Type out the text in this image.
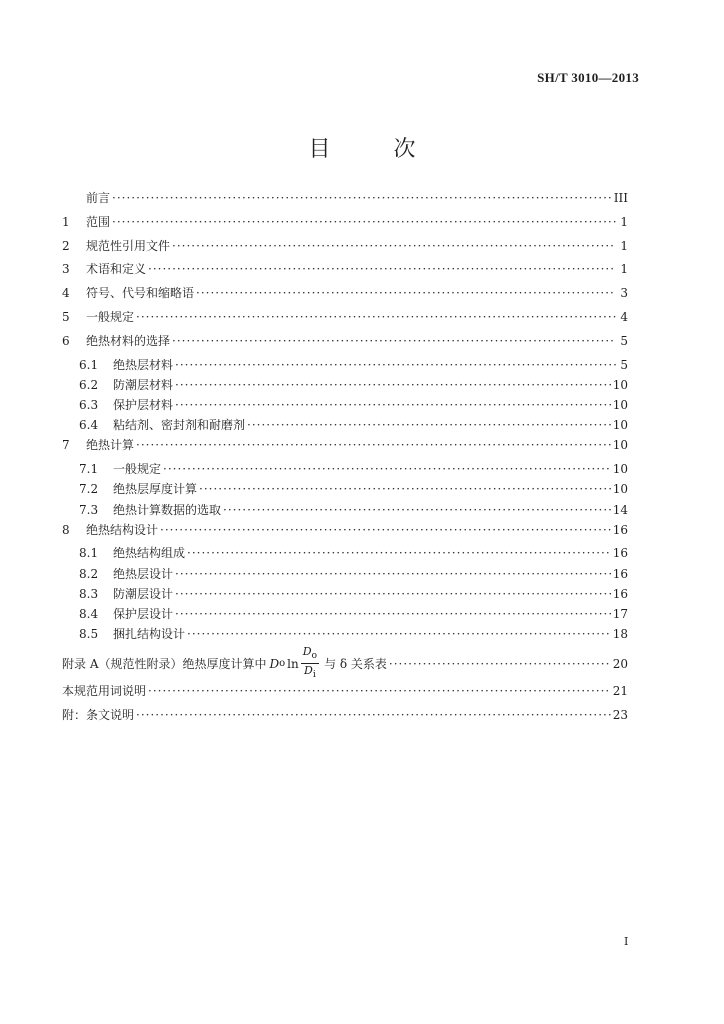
SH/T 3010—2013
目 次
前言 ·····	III
1	范围 ·····	1
2	规范性引用文件 ·····	1
3	术语和定义 ·····	1
4	符号、代号和缩略语 ·····	3
5	一般规定 ·····	4
6	绝热材料的选择 ·····	5
6.1	绝热层材料 ·····	5
6.2	防潮层材料 ·····	10
6.3	保护层材料 ·····	10
6.4	粘结剂、密封剂和耐磨剂 ·····	10
7	绝热计算 ·····	10
7.1	一般规定 ·····	10
7.2	绝热层厚度计算 ·····	10
7.3	绝热计算数据的选取 ·····	14
8	绝热结构设计 ·····	16
8.1	绝热结构组成 ·····	16
8.2	绝热层设计 ·····	16
8.3	防潮层设计 ·····	16
8.4	保护层设计 ·····	17
8.5	捆扎结构设计 ·····	18
附录 A（规范性附录）绝热厚度计算中 D o $\ln \frac{D_o}{D_i}$ 与 δ 关系表 ·····	20
本规范用词说明 ·····	21
附：条文说明 ·····	23
I
